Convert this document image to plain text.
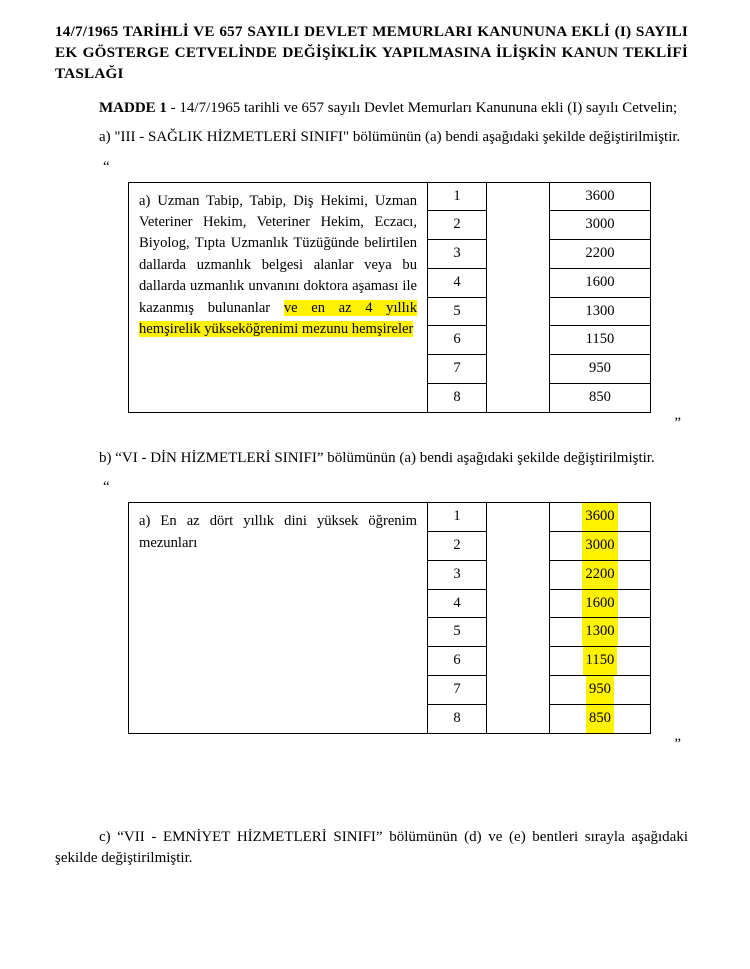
14/7/1965 TARİHLİ VE 657 SAYILI DEVLET MEMURLARI KANUNUNA EKLİ (I) SAYILI EK GÖSTERGE CETVELİNDE DEĞİŞİKLİK YAPILMASINA İLİŞKİN KANUN TEKLİFİ TASLAĞI

MADDE 1 - 14/7/1965 tarihli ve 657 sayılı Devlet Memurları Kanununa ekli (I) sayılı Cetvelin;

a) "III - SAĞLIK HİZMETLERİ SINIFI" bölümünün (a) bendi aşağıdaki şekilde değiştirilmiştir.

“
a) Uzman Tabip, Tabip, Diş Hekimi, Uzman Veteriner Hekim, Veteriner Hekim, Eczacı, Biyolog, Tıpta Uzmanlık Tüzüğünde belirtilen dallarda uzmanlık belgesi alanlar veya bu dallarda uzmanlık unvanını doktora aşaması ile kazanmış bulunanlar ve en az 4 yıllık hemşirelik yükseköğrenimi mezunu hemşireler	1		3600

	2		3000

	3		2200

	4		1600

	5		1300

	6		1150

	7		950

	8		850
”

b) “VI - DİN HİZMETLERİ SINIFI” bölümünün (a) bendi aşağıdaki şekilde değiştirilmiştir.

“
a) En az dört yıllık dini yüksek öğrenim mezunları	1		3600

	2		3000

	3		2200

	4		1600

	5		1300

	6		1150

	7		950

	8		850
”

c) “VII - EMNİYET HİZMETLERİ SINIFI” bölümünün (d) ve (e) bentleri sırayla aşağıdaki şekilde değiştirilmiştir.
